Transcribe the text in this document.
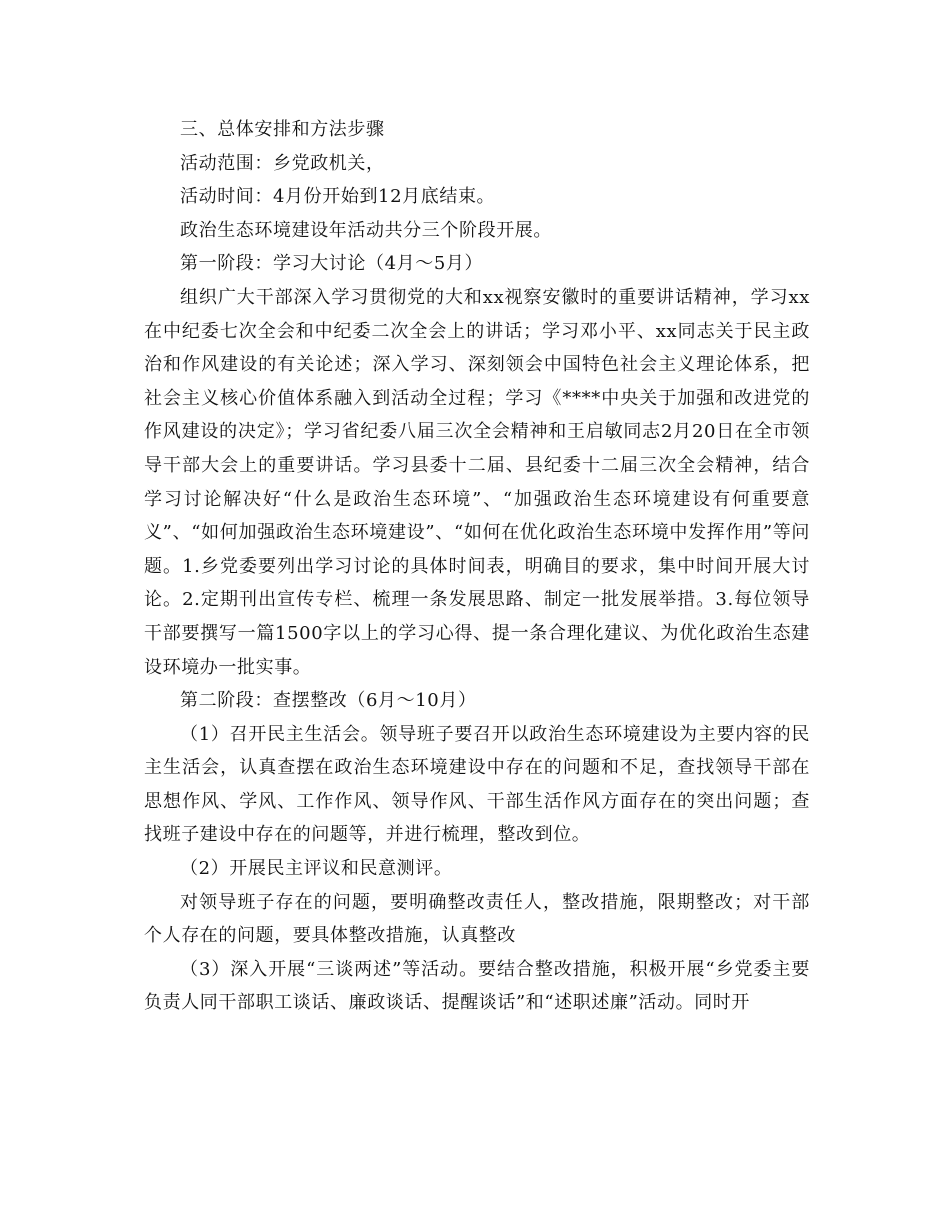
三、总体安排和方法步骤

活动范围：乡党政机关，

活动时间：4月份开始到12月底结束。

政治生态环境建设年活动共分三个阶段开展。

第一阶段：学习大讨论（4月～5月）

组织广大干部深入学习贯彻党的大和xx视察安徽时的重要讲话精神，学习xx在中纪委七次全会和中纪委二次全会上的讲话；学习邓小平、xx同志关于民主政治和作风建设的有关论述；深入学习、深刻领会中国特色社会主义理论体系，把社会主义核心价值体系融入到活动全过程；学习《****中央关于加强和改进党的作风建设的决定》；学习省纪委八届三次全会精神和王启敏同志2月20日在全市领导干部大会上的重要讲话。学习县委十二届、县纪委十二届三次全会精神，结合学习讨论解决好“什么是政治生态环境”、“加强政治生态环境建设有何重要意义”、“如何加强政治生态环境建设”、“如何在优化政治生态环境中发挥作用”等问题。1.乡党委要列出学习讨论的具体时间表，明确目的要求，集中时间开展大讨论。2.定期刊出宣传专栏、梳理一条发展思路、制定一批发展举措。3.每位领导干部要撰写一篇1500字以上的学习心得、提一条合理化建议、为优化政治生态建设环境办一批实事。

第二阶段：查摆整改（6月～10月）

（1）召开民主生活会。领导班子要召开以政治生态环境建设为主要内容的民主生活会，认真查摆在政治生态环境建设中存在的问题和不足，查找领导干部在思想作风、学风、工作作风、领导作风、干部生活作风方面存在的突出问题；查找班子建设中存在的问题等，并进行梳理，整改到位。

（2）开展民主评议和民意测评。

对领导班子存在的问题，要明确整改责任人，整改措施，限期整改；对干部个人存在的问题，要具体整改措施，认真整改

（3）深入开展“三谈两述”等活动。要结合整改措施，积极开展“乡党委主要负责人同干部职工谈话、廉政谈话、提醒谈话”和“述职述廉”活动。同时开
